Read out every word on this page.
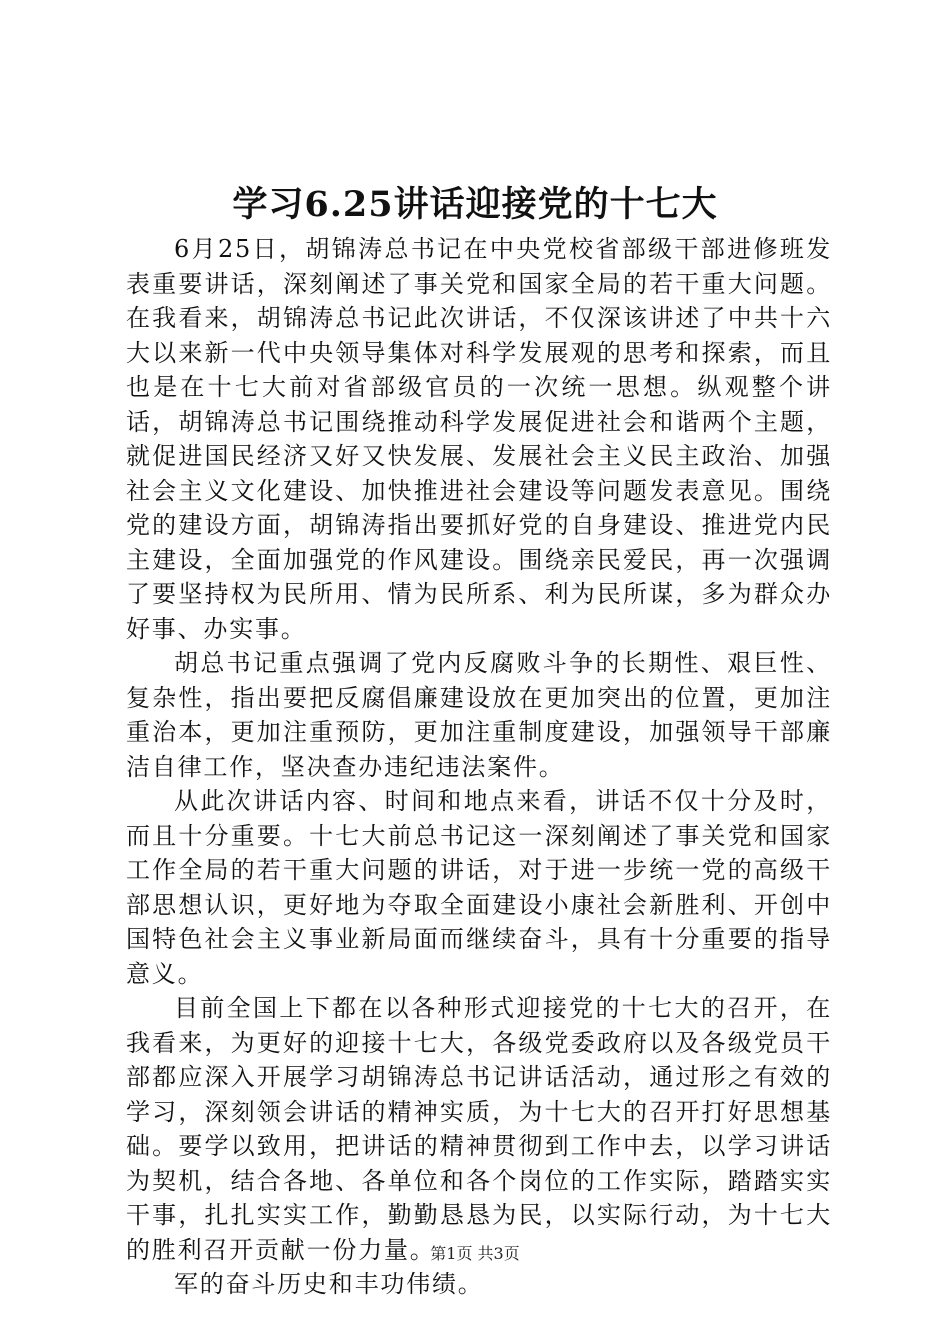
学习6.25讲话迎接党的十七大

6月25日，胡锦涛总书记在中央党校省部级干部进修班发表重要讲话，深刻阐述了事关党和国家全局的若干重大问题。在我看来，胡锦涛总书记此次讲话，不仅深该讲述了中共十六大以来新一代中央领导集体对科学发展观的思考和探索，而且也是在十七大前对省部级官员的一次统一思想。纵观整个讲话，胡锦涛总书记围绕推动科学发展促进社会和谐两个主题，就促进国民经济又好又快发展、发展社会主义民主政治、加强社会主义文化建设、加快推进社会建设等问题发表意见。围绕党的建设方面，胡锦涛指出要抓好党的自身建设、推进党内民主建设，全面加强党的作风建设。围绕亲民爱民，再一次强调了要坚持权为民所用、情为民所系、利为民所谋，多为群众办好事、办实事。

胡总书记重点强调了党内反腐败斗争的长期性、艰巨性、复杂性，指出要把反腐倡廉建设放在更加突出的位置，更加注重治本，更加注重预防，更加注重制度建设，加强领导干部廉洁自律工作，坚决查办违纪违法案件。

从此次讲话内容、时间和地点来看，讲话不仅十分及时，而且十分重要。十七大前总书记这一深刻阐述了事关党和国家工作全局的若干重大问题的讲话，对于进一步统一党的高级干部思想认识，更好地为夺取全面建设小康社会新胜利、开创中国特色社会主义事业新局面而继续奋斗，具有十分重要的指导意义。

目前全国上下都在以各种形式迎接党的十七大的召开，在我看来，为更好的迎接十七大，各级党委政府以及各级党员干部都应深入开展学习胡锦涛总书记讲话活动，通过形之有效的学习，深刻领会讲话的精神实质，为十七大的召开打好思想基础。要学以致用，把讲话的精神贯彻到工作中去，以学习讲话为契机，结合各地、各单位和各个岗位的工作实际，踏踏实实干事，扎扎实实工作，勤勤恳恳为民，以实际行动，为十七大的胜利召开贡献一份力量。

军的奋斗历史和丰功伟绩。

第1页 共3页
